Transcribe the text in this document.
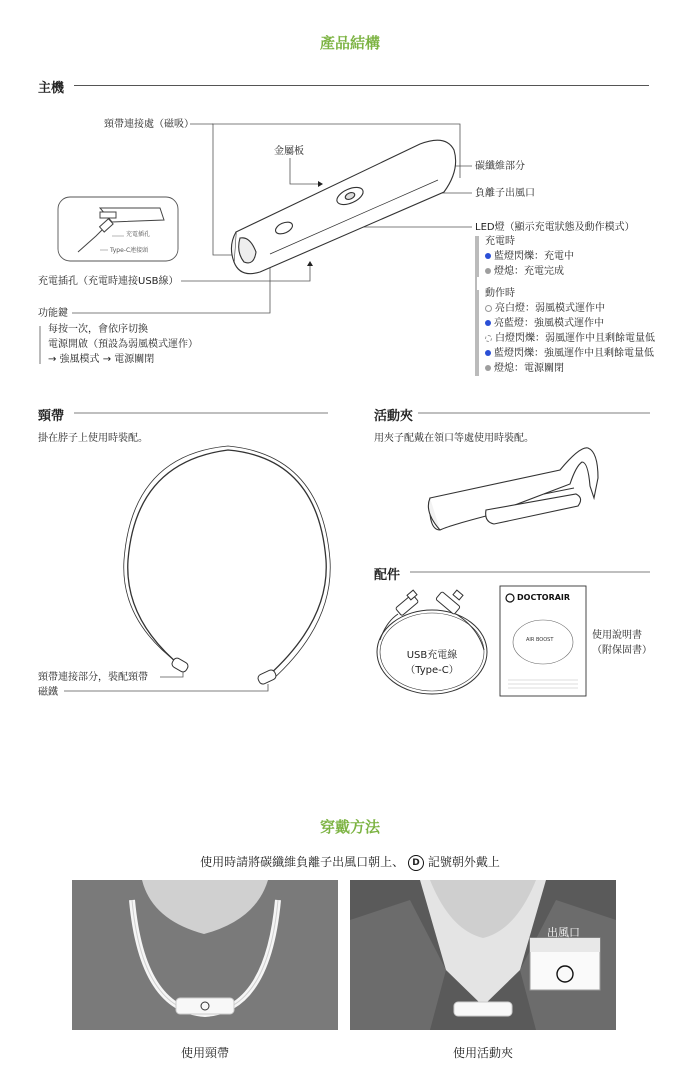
產品結構
主機
頸帶連接處（磁吸）
金屬板
碳纖維部分
負離子出風口
LED燈（顯示充電狀態及動作模式）
充電插孔（充電時連接USB線）
充電插孔
Type-C連接頭
功能鍵
每按一次，會依序切換
電源開啟（預設為弱風模式運作）
→ 強風模式 → 電源關閉
充電時
藍燈閃爍：充電中
燈熄：充電完成
動作時
亮白燈：弱風模式運作中
亮藍燈：強風模式運作中
白燈閃爍：弱風運作中且剩餘電量低
藍燈閃爍：強風運作中且剩餘電量低
燈熄：電源關閉
頸帶
掛在脖子上使用時裝配。
頸帶連接部分，裝配頸帶
磁鐵
活動夾
用夾子配戴在領口等處使用時裝配。
配件
USB充電線
（Type-C）
DOCTORAIR
AIR BOOST	使用說明書
（附保固書）
穿戴方法
使用時請將碳纖維負離子出風口朝上、 D 記號朝外戴上
出風口
使用頸帶	使用活動夾
